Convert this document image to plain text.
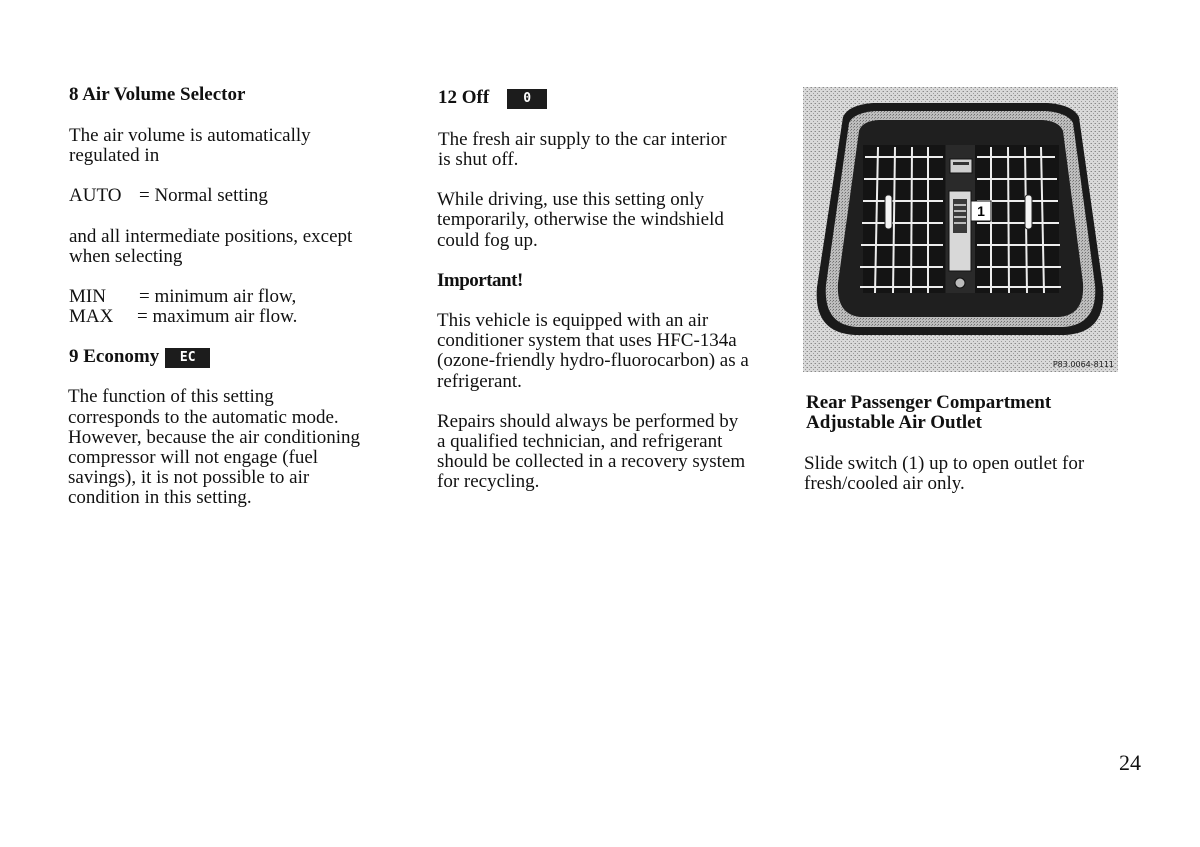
8 Air Volume Selector

The air volume is automatically

regulated in

AUTO = Normal setting

and all intermediate positions, except

when selecting

MIN = minimum air flow,

MAX = maximum air flow.

9 Economy EC

The function of this setting

corresponds to the automatic mode.

However, because the air conditioning

compressor will not engage (fuel

savings), it is not possible to air

condition in this setting.

12 Off	0

The fresh air supply to the car interior

is shut off.

While driving, use this setting only

temporarily, otherwise the windshield

could fog up.

Important!

This vehicle is equipped with an air

conditioner system that uses HFC-134a

(ozone-friendly hydro-fluorocarbon) as a

refrigerant.

Repairs should always be performed by

a qualified technician, and refrigerant

should be collected in a recovery system

for recycling.

1
P83.0064-8111

Rear Passenger Compartment

Adjustable Air Outlet

Slide switch (1) up to open outlet for

fresh/cooled air only.

24
